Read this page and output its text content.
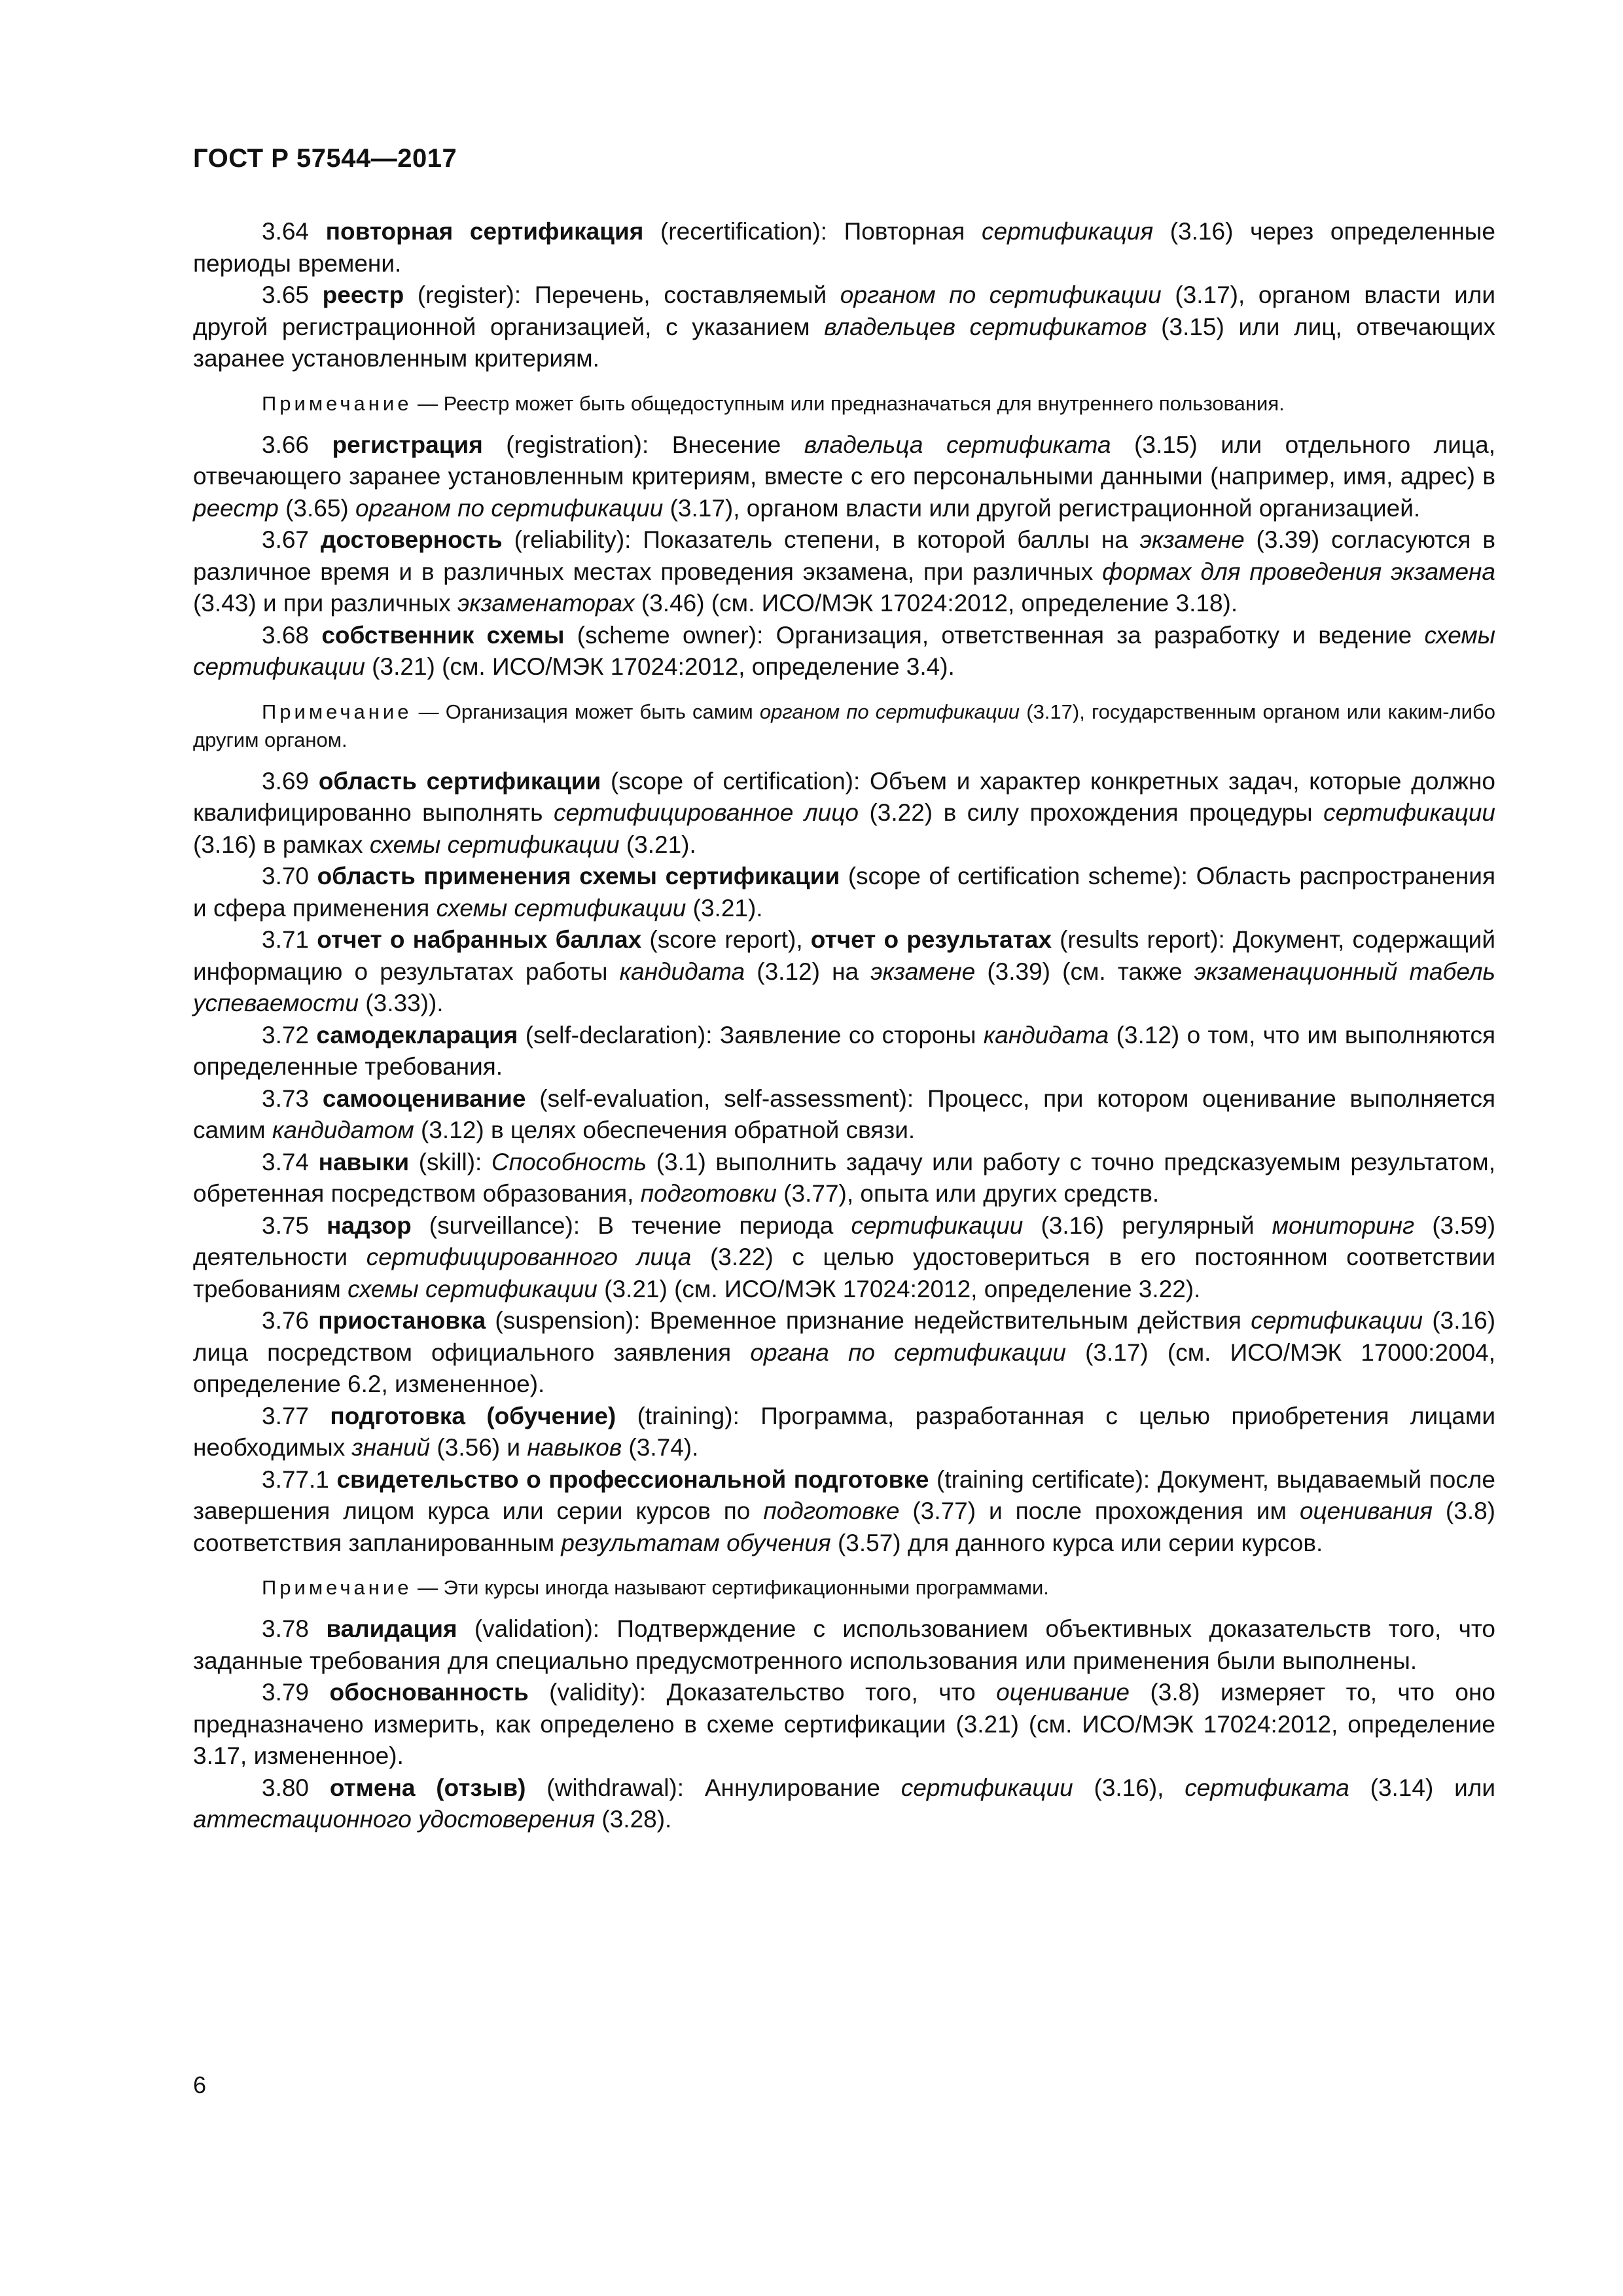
ГОСТ Р 57544—2017

3.64 повторная сертификация (recertification): Повторная сертификация (3.16) через определенные периоды времени.

3.65 реестр (register): Перечень, составляемый органом по сертификации (3.17), органом власти или другой регистрационной организацией, с указанием владельцев сертификатов (3.15) или лиц, отвечающих заранее установленным критериям.

Примечание — Реестр может быть общедоступным или предназначаться для внутреннего пользования.

3.66 регистрация (registration): Внесение владельца сертификата (3.15) или отдельного лица, отвечающего заранее установленным критериям, вместе с его персональными данными (например, имя, адрес) в реестр (3.65) органом по сертификации (3.17), органом власти или другой регистрационной организацией.

3.67 достоверность (reliability): Показатель степени, в которой баллы на экзамене (3.39) согласуются в различное время и в различных местах проведения экзамена, при различных формах для проведения экзамена (3.43) и при различных экзаменаторах (3.46) (см. ИСО/МЭК 17024:2012, определение 3.18).

3.68 собственник схемы (scheme owner): Организация, ответственная за разработку и ведение схемы сертификации (3.21) (см. ИСО/МЭК 17024:2012, определение 3.4).

Примечание — Организация может быть самим органом по сертификации (3.17), государственным органом или каким-либо другим органом.

3.69 область сертификации (scope of certification): Объем и характер конкретных задач, которые должно квалифицированно выполнять сертифицированное лицо (3.22) в силу прохождения процедуры сертификации (3.16) в рамках схемы сертификации (3.21).

3.70 область применения схемы сертификации (scope of certification scheme): Область распространения и сфера применения схемы сертификации (3.21).

3.71 отчет о набранных баллах (score report), отчет о результатах (results report): Документ, содержащий информацию о результатах работы кандидата (3.12) на экзамене (3.39) (см. также экзаменационный табель успеваемости (3.33)).

3.72 самодекларация (self-declaration): Заявление со стороны кандидата (3.12) о том, что им выполняются определенные требования.

3.73 самооценивание (self-evaluation, self-assessment): Процесс, при котором оценивание выполняется самим кандидатом (3.12) в целях обеспечения обратной связи.

3.74 навыки (skill): Способность (3.1) выполнить задачу или работу с точно предсказуемым результатом, обретенная посредством образования, подготовки (3.77), опыта или других средств.

3.75 надзор (surveillance): В течение периода сертификации (3.16) регулярный мониторинг (3.59) деятельности сертифицированного лица (3.22) с целью удостовериться в его постоянном соответствии требованиям схемы сертификации (3.21) (см. ИСО/МЭК 17024:2012, определение 3.22).

3.76 приостановка (suspension): Временное признание недействительным действия сертификации (3.16) лица посредством официального заявления органа по сертификации (3.17) (см. ИСО/МЭК 17000:2004, определение 6.2, измененное).

3.77 подготовка (обучение) (training): Программа, разработанная с целью приобретения лицами необходимых знаний (3.56) и навыков (3.74).

3.77.1 свидетельство о профессиональной подготовке (training certificate): Документ, выдаваемый после завершения лицом курса или серии курсов по подготовке (3.77) и после прохождения им оценивания (3.8) соответствия запланированным результатам обучения (3.57) для данного курса или серии курсов.

Примечание — Эти курсы иногда называют сертификационными программами.

3.78 валидация (validation): Подтверждение с использованием объективных доказательств того, что заданные требования для специально предусмотренного использования или применения были выполнены.

3.79 обоснованность (validity): Доказательство того, что оценивание (3.8) измеряет то, что оно предназначено измерить, как определено в схеме сертификации (3.21) (см. ИСО/МЭК 17024:2012, определение 3.17, измененное).

3.80 отмена (отзыв) (withdrawal): Аннулирование сертификации (3.16), сертификата (3.14) или аттестационного удостоверения (3.28).

6
